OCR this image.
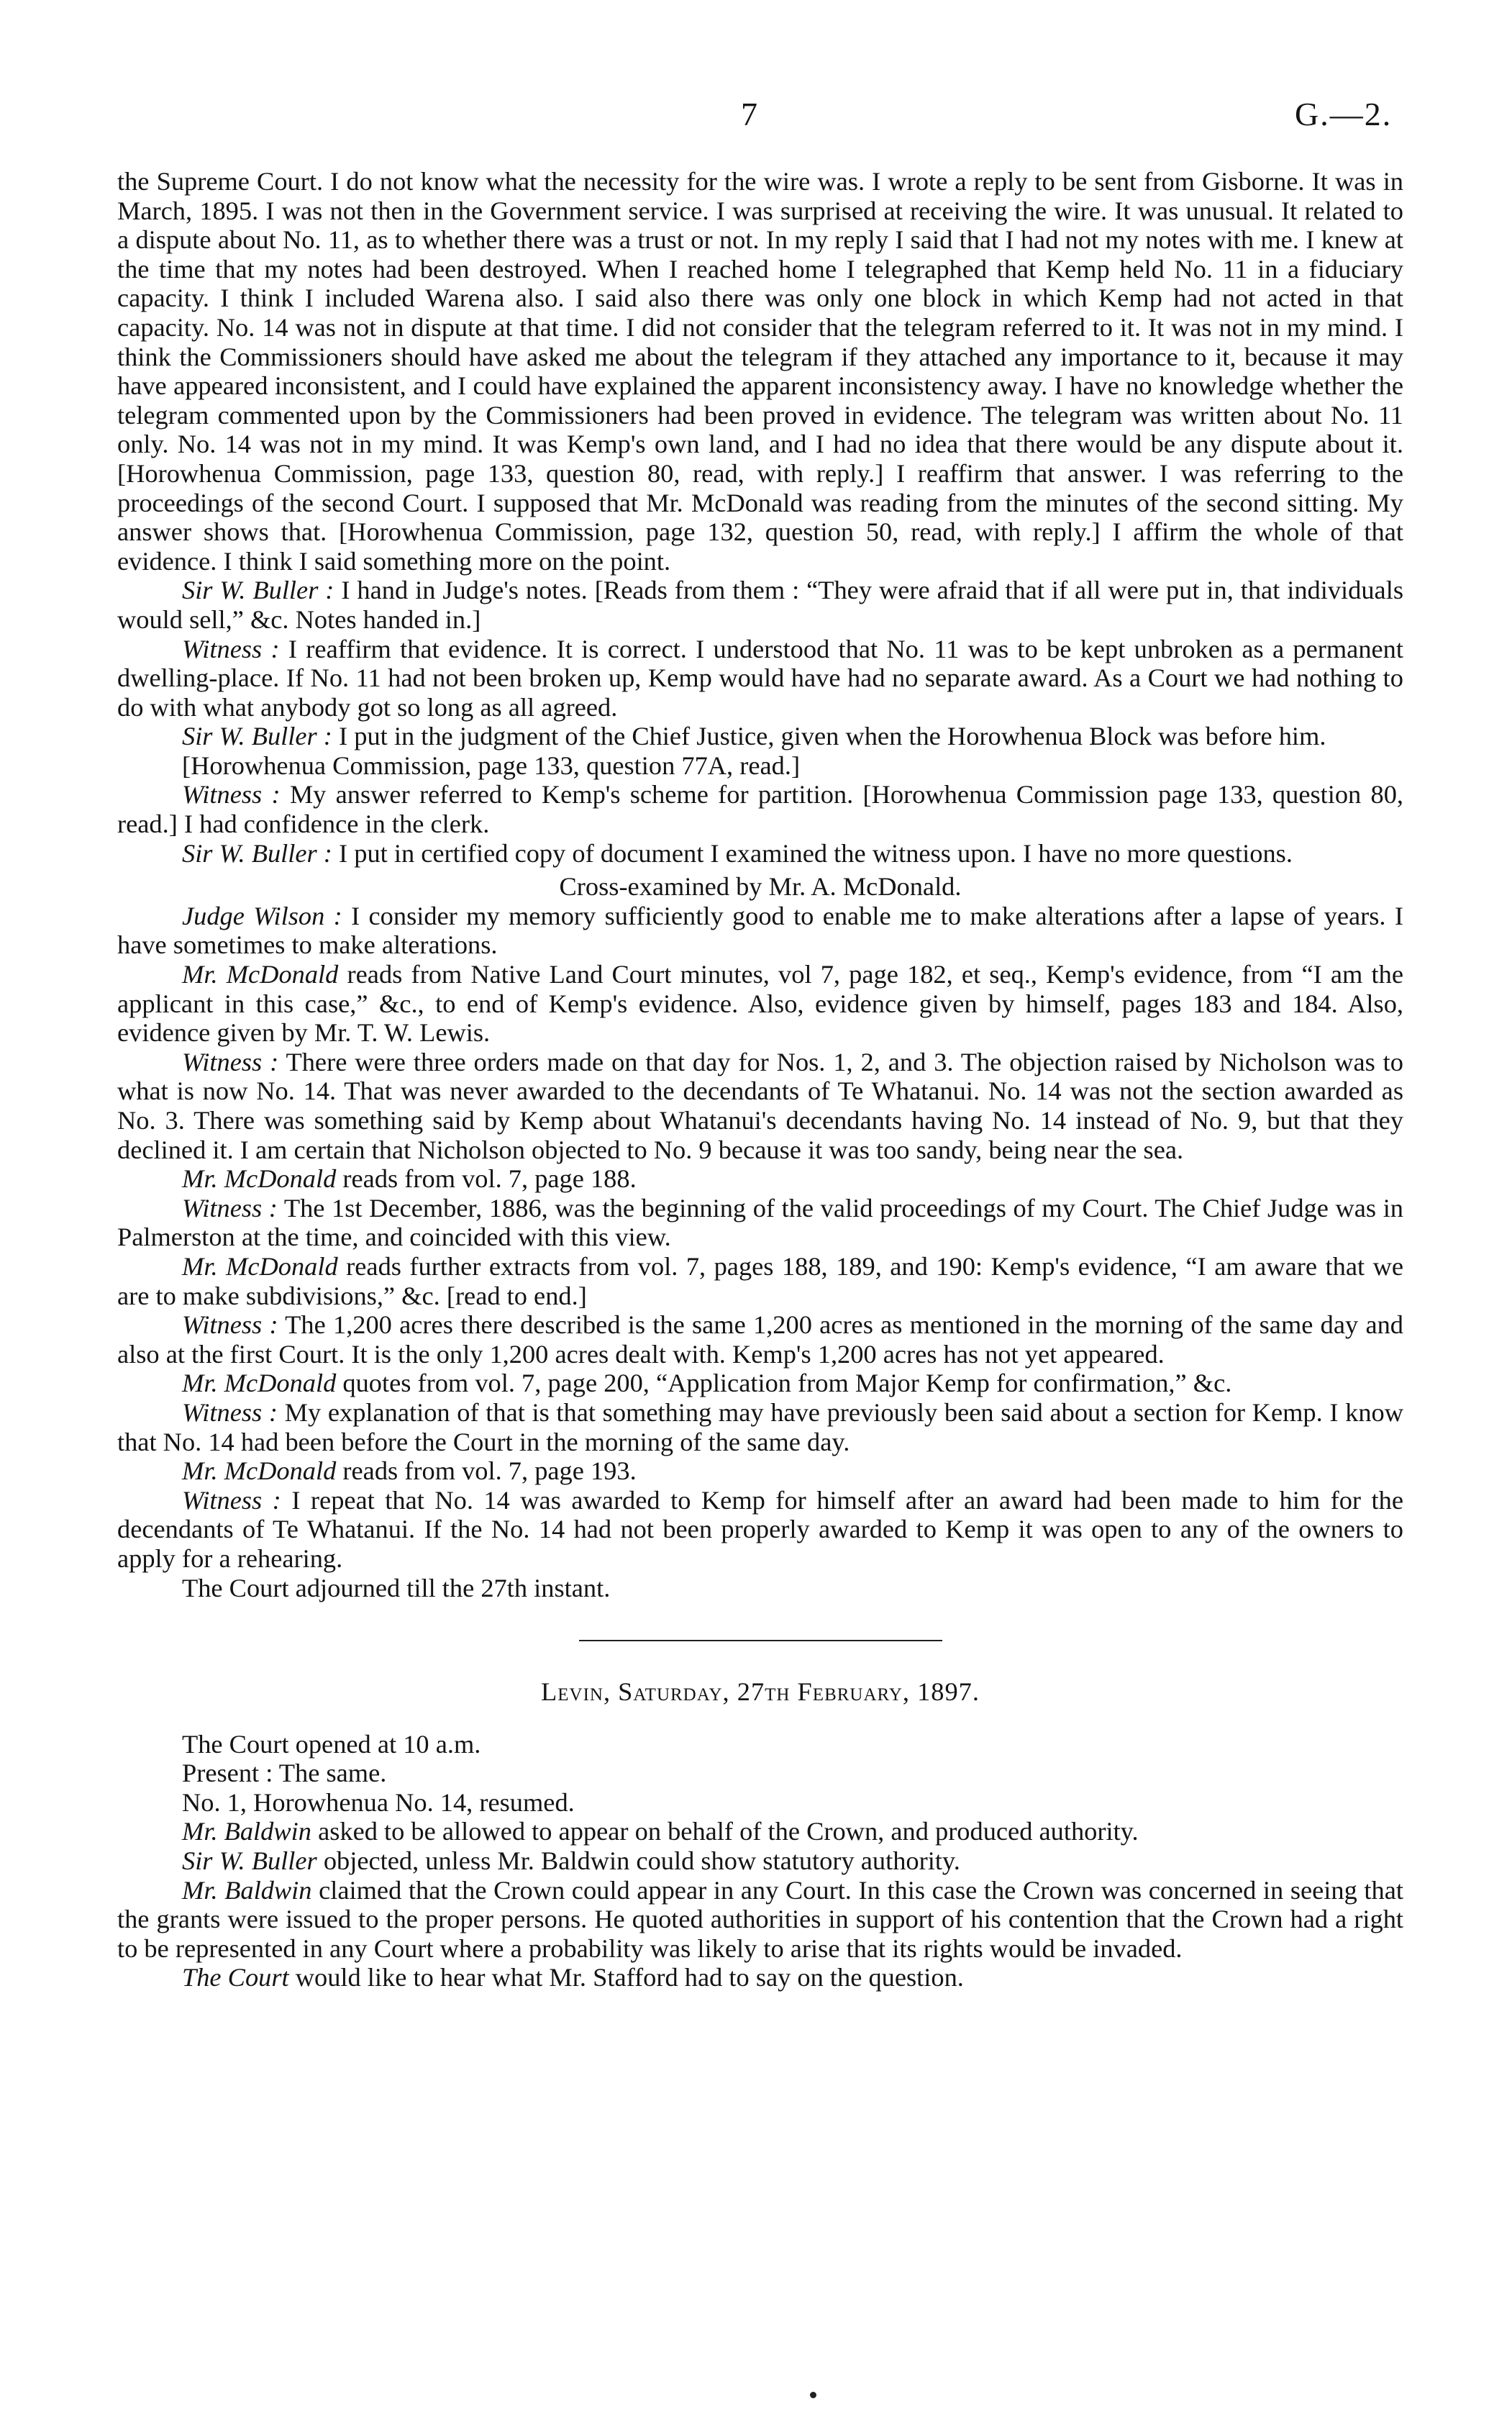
7	G.—2.

the Supreme Court. I do not know what the necessity for the wire was. I wrote a reply to be sent from Gisborne. It was in March, 1895. I was not then in the Government service. I was surprised at receiving the wire. It was unusual. It related to a dispute about No. 11, as to whether there was a trust or not. In my reply I said that I had not my notes with me. I knew at the time that my notes had been destroyed. When I reached home I telegraphed that Kemp held No. 11 in a fiduciary capacity. I think I included Warena also. I said also there was only one block in which Kemp had not acted in that capacity. No. 14 was not in dispute at that time. I did not consider that the telegram referred to it. It was not in my mind. I think the Commissioners should have asked me about the telegram if they attached any importance to it, because it may have appeared inconsistent, and I could have explained the apparent inconsistency away. I have no knowledge whether the telegram commented upon by the Commissioners had been proved in evidence. The telegram was written about No. 11 only. No. 14 was not in my mind. It was Kemp's own land, and I had no idea that there would be any dispute about it. [Horowhenua Commission, page 133, question 80, read, with reply.] I reaffirm that answer. I was referring to the proceedings of the second Court. I supposed that Mr. McDonald was reading from the minutes of the second sitting. My answer shows that. [Horowhenua Commission, page 132, question 50, read, with reply.] I affirm the whole of that evidence. I think I said something more on the point.

Sir W. Buller : I hand in Judge's notes. [Reads from them : “They were afraid that if all were put in, that individuals would sell,” &c. Notes handed in.]

Witness : I reaffirm that evidence. It is correct. I understood that No. 11 was to be kept unbroken as a permanent dwelling-place. If No. 11 had not been broken up, Kemp would have had no separate award. As a Court we had nothing to do with what anybody got so long as all agreed.

Sir W. Buller : I put in the judgment of the Chief Justice, given when the Horowhenua Block was before him.

[Horowhenua Commission, page 133, question 77A, read.]

Witness : My answer referred to Kemp's scheme for partition. [Horowhenua Commission page 133, question 80, read.] I had confidence in the clerk.

Sir W. Buller : I put in certified copy of document I examined the witness upon. I have no more questions.

Cross-examined by Mr. A. McDonald.

Judge Wilson : I consider my memory sufficiently good to enable me to make alterations after a lapse of years. I have sometimes to make alterations.

Mr. McDonald reads from Native Land Court minutes, vol 7, page 182, et seq., Kemp's evidence, from “I am the applicant in this case,” &c., to end of Kemp's evidence. Also, evidence given by himself, pages 183 and 184. Also, evidence given by Mr. T. W. Lewis.

Witness : There were three orders made on that day for Nos. 1, 2, and 3. The objection raised by Nicholson was to what is now No. 14. That was never awarded to the decendants of Te Whatanui. No. 14 was not the section awarded as No. 3. There was something said by Kemp about Whatanui's decendants having No. 14 instead of No. 9, but that they declined it. I am certain that Nicholson objected to No. 9 because it was too sandy, being near the sea.

Mr. McDonald reads from vol. 7, page 188.

Witness : The 1st December, 1886, was the beginning of the valid proceedings of my Court. The Chief Judge was in Palmerston at the time, and coincided with this view.

Mr. McDonald reads further extracts from vol. 7, pages 188, 189, and 190: Kemp's evidence, “I am aware that we are to make subdivisions,” &c. [read to end.]

Witness : The 1,200 acres there described is the same 1,200 acres as mentioned in the morning of the same day and also at the first Court. It is the only 1,200 acres dealt with. Kemp's 1,200 acres has not yet appeared.

Mr. McDonald quotes from vol. 7, page 200, “Application from Major Kemp for confirmation,” &c.

Witness : My explanation of that is that something may have previously been said about a section for Kemp. I know that No. 14 had been before the Court in the morning of the same day.

Mr. McDonald reads from vol. 7, page 193.

Witness : I repeat that No. 14 was awarded to Kemp for himself after an award had been made to him for the decendants of Te Whatanui. If the No. 14 had not been properly awarded to Kemp it was open to any of the owners to apply for a rehearing.

The Court adjourned till the 27th instant.

Levin, Saturday, 27th February, 1897.

The Court opened at 10 a.m.

Present : The same.

No. 1, Horowhenua No. 14, resumed.

Mr. Baldwin asked to be allowed to appear on behalf of the Crown, and produced authority.

Sir W. Buller objected, unless Mr. Baldwin could show statutory authority.

Mr. Baldwin claimed that the Crown could appear in any Court. In this case the Crown was concerned in seeing that the grants were issued to the proper persons. He quoted authorities in support of his contention that the Crown had a right to be represented in any Court where a probability was likely to arise that its rights would be invaded.

The Court would like to hear what Mr. Stafford had to say on the question.
